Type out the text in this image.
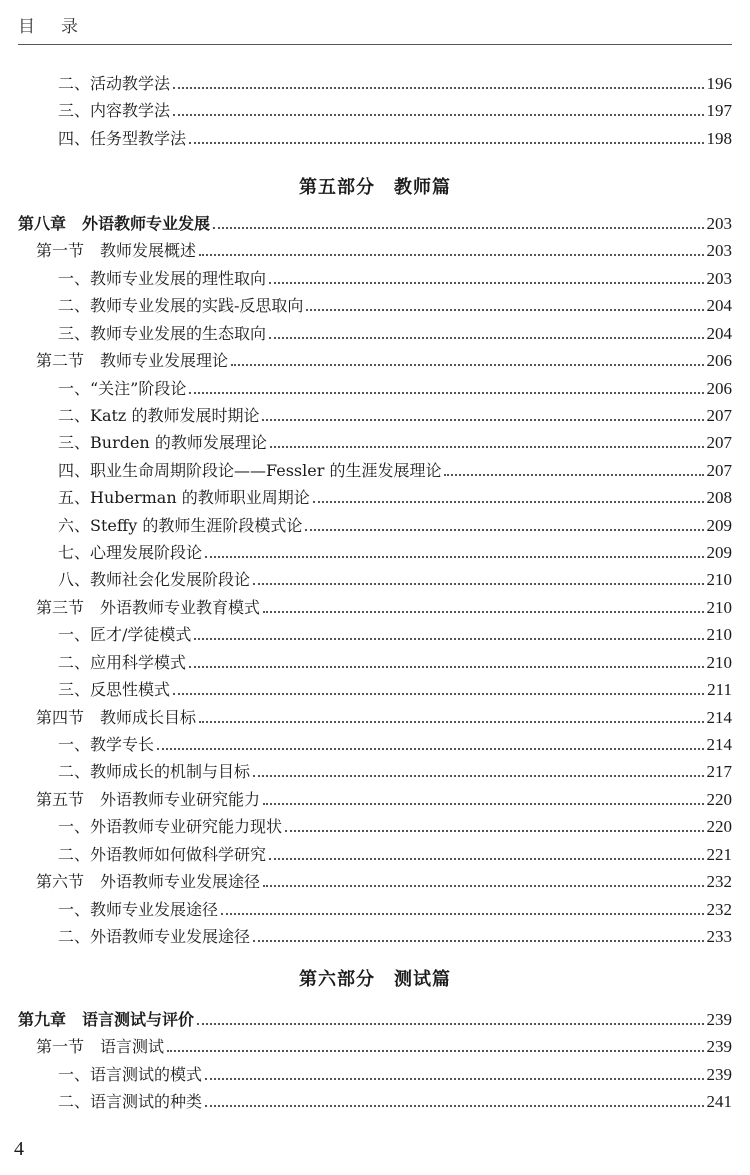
目 录
二、活动教学法	196
三、内容教学法	197
四、任务型教学法	198
第五部分　教师篇
第八章　外语教师专业发展	203
第一节　教师发展概述	203
一、教师专业发展的理性取向	203
二、教师专业发展的实践-反思取向	204
三、教师专业发展的生态取向	204
第二节　教师专业发展理论	206
一、“关注”阶段论	206
二、Katz 的教师发展时期论	207
三、Burden 的教师发展理论	207
四、职业生命周期阶段论——Fessler 的生涯发展理论	207
五、Huberman 的教师职业周期论	208
六、Steffy 的教师生涯阶段模式论	209
七、心理发展阶段论	209
八、教师社会化发展阶段论	210
第三节　外语教师专业教育模式	210
一、匠才/学徒模式	210
二、应用科学模式	210
三、反思性模式	211
第四节　教师成长目标	214
一、教学专长	214
二、教师成长的机制与目标	217
第五节　外语教师专业研究能力	220
一、外语教师专业研究能力现状	220
二、外语教师如何做科学研究	221
第六节　外语教师专业发展途径	232
一、教师专业发展途径	232
二、外语教师专业发展途径	233
第六部分　测试篇
第九章　语言测试与评价	239
第一节　语言测试	239
一、语言测试的模式	239
二、语言测试的种类	241
4
